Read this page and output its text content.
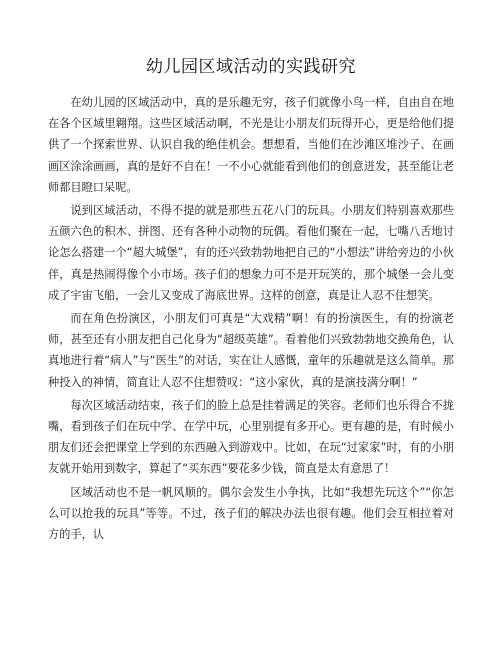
幼儿园区域活动的实践研究

在幼儿园的区域活动中，真的是乐趣无穷，孩子们就像小鸟一样，自由自在地在各个区域里翱翔。这些区域活动啊，不光是让小朋友们玩得开心，更是给他们提供了一个探索世界、认识自我的绝佳机会。想想看，当他们在沙滩区堆沙子、在画画区涂涂画画，真的是好不自在！一不小心就能看到他们的创意迸发，甚至能让老师都目瞪口呆呢。

说到区域活动，不得不提的就是那些五花八门的玩具。小朋友们特别喜欢那些五颜六色的积木、拼图、还有各种小动物的玩偶。看他们聚在一起，七嘴八舌地讨论怎么搭建一个“超大城堡”，有的还兴致勃勃地把自己的“小想法”讲给旁边的小伙伴，真是热闹得像个小市场。孩子们的想象力可不是开玩笑的，那个城堡一会儿变成了宇宙飞船，一会儿又变成了海底世界。这样的创意，真是让人忍不住想笑。

而在角色扮演区，小朋友们可真是“大戏精”啊！有的扮演医生，有的扮演老师，甚至还有小朋友把自己化身为“超级英雄”。看着他们兴致勃勃地交换角色，认真地进行着“病人”与“医生”的对话，实在让人感慨，童年的乐趣就是这么简单。那种投入的神情，简直让人忍不住想赞叹：“这小家伙，真的是演技满分啊！”

每次区域活动结束，孩子们的脸上总是挂着满足的笑容。老师们也乐得合不拢嘴，看到孩子们在玩中学、在学中玩，心里别提有多开心。更有趣的是，有时候小朋友们还会把课堂上学到的东西融入到游戏中。比如，在玩“过家家”时，有的小朋友就开始用到数字，算起了“买东西”要花多少钱，简直是太有意思了！

区域活动也不是一帆风顺的。偶尔会发生小争执，比如“我想先玩这个”“你怎么可以抢我的玩具”等等。不过，孩子们的解决办法也很有趣。他们会互相拉着对方的手，认
